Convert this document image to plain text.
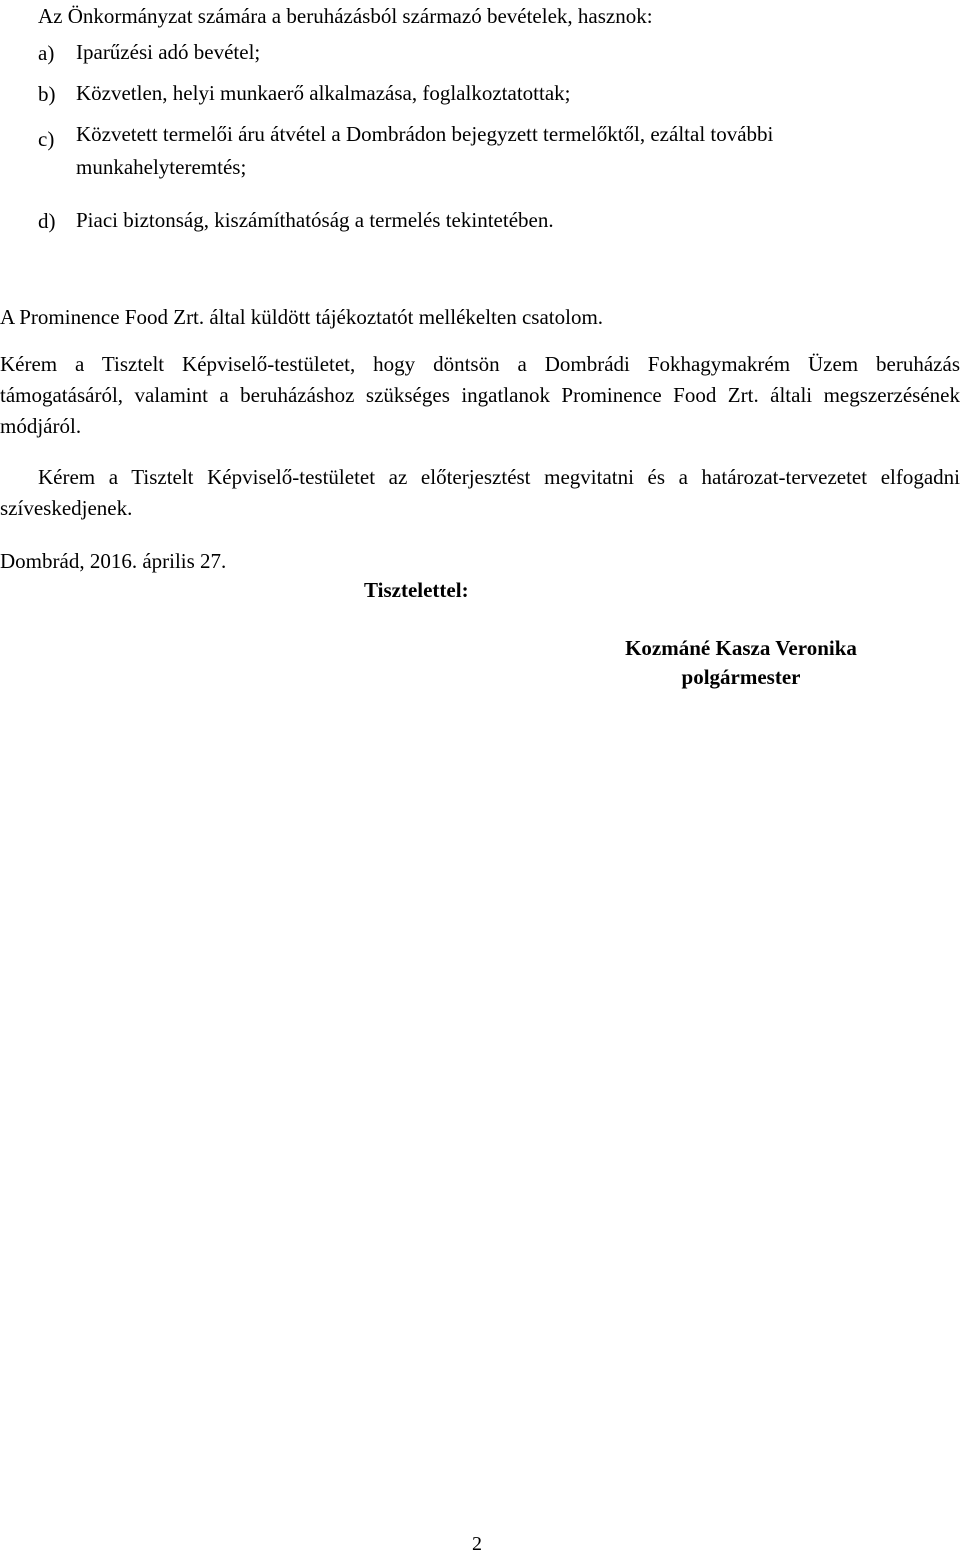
Az Önkormányzat számára a beruházásból származó bevételek, hasznok:

a) Iparűzési adó bevétel;
b) Közvetlen, helyi munkaerő alkalmazása, foglalkoztatottak;
c) Közvetett termelői áru átvétel a Dombrádon bejegyzett termelőktől, ezáltal további munkahelyteremtés;
d) Piaci biztonság, kiszámíthatóság a termelés tekintetében.

A Prominence Food Zrt. által küldött tájékoztatót mellékelten csatolom.

Kérem a Tisztelt Képviselő-testületet, hogy döntsön a Dombrádi Fokhagymakrém Üzem beruházás támogatásáról, valamint a beruházáshoz szükséges ingatlanok Prominence Food Zrt. általi megszerzésének módjáról.

Kérem a Tisztelt Képviselő-testületet az előterjesztést megvitatni és a határozat-tervezetet elfogadni szíveskedjenek.

Dombrád, 2016. április 27.

Tisztelettel:

Kozmáné Kasza Veronika
polgármester

2
